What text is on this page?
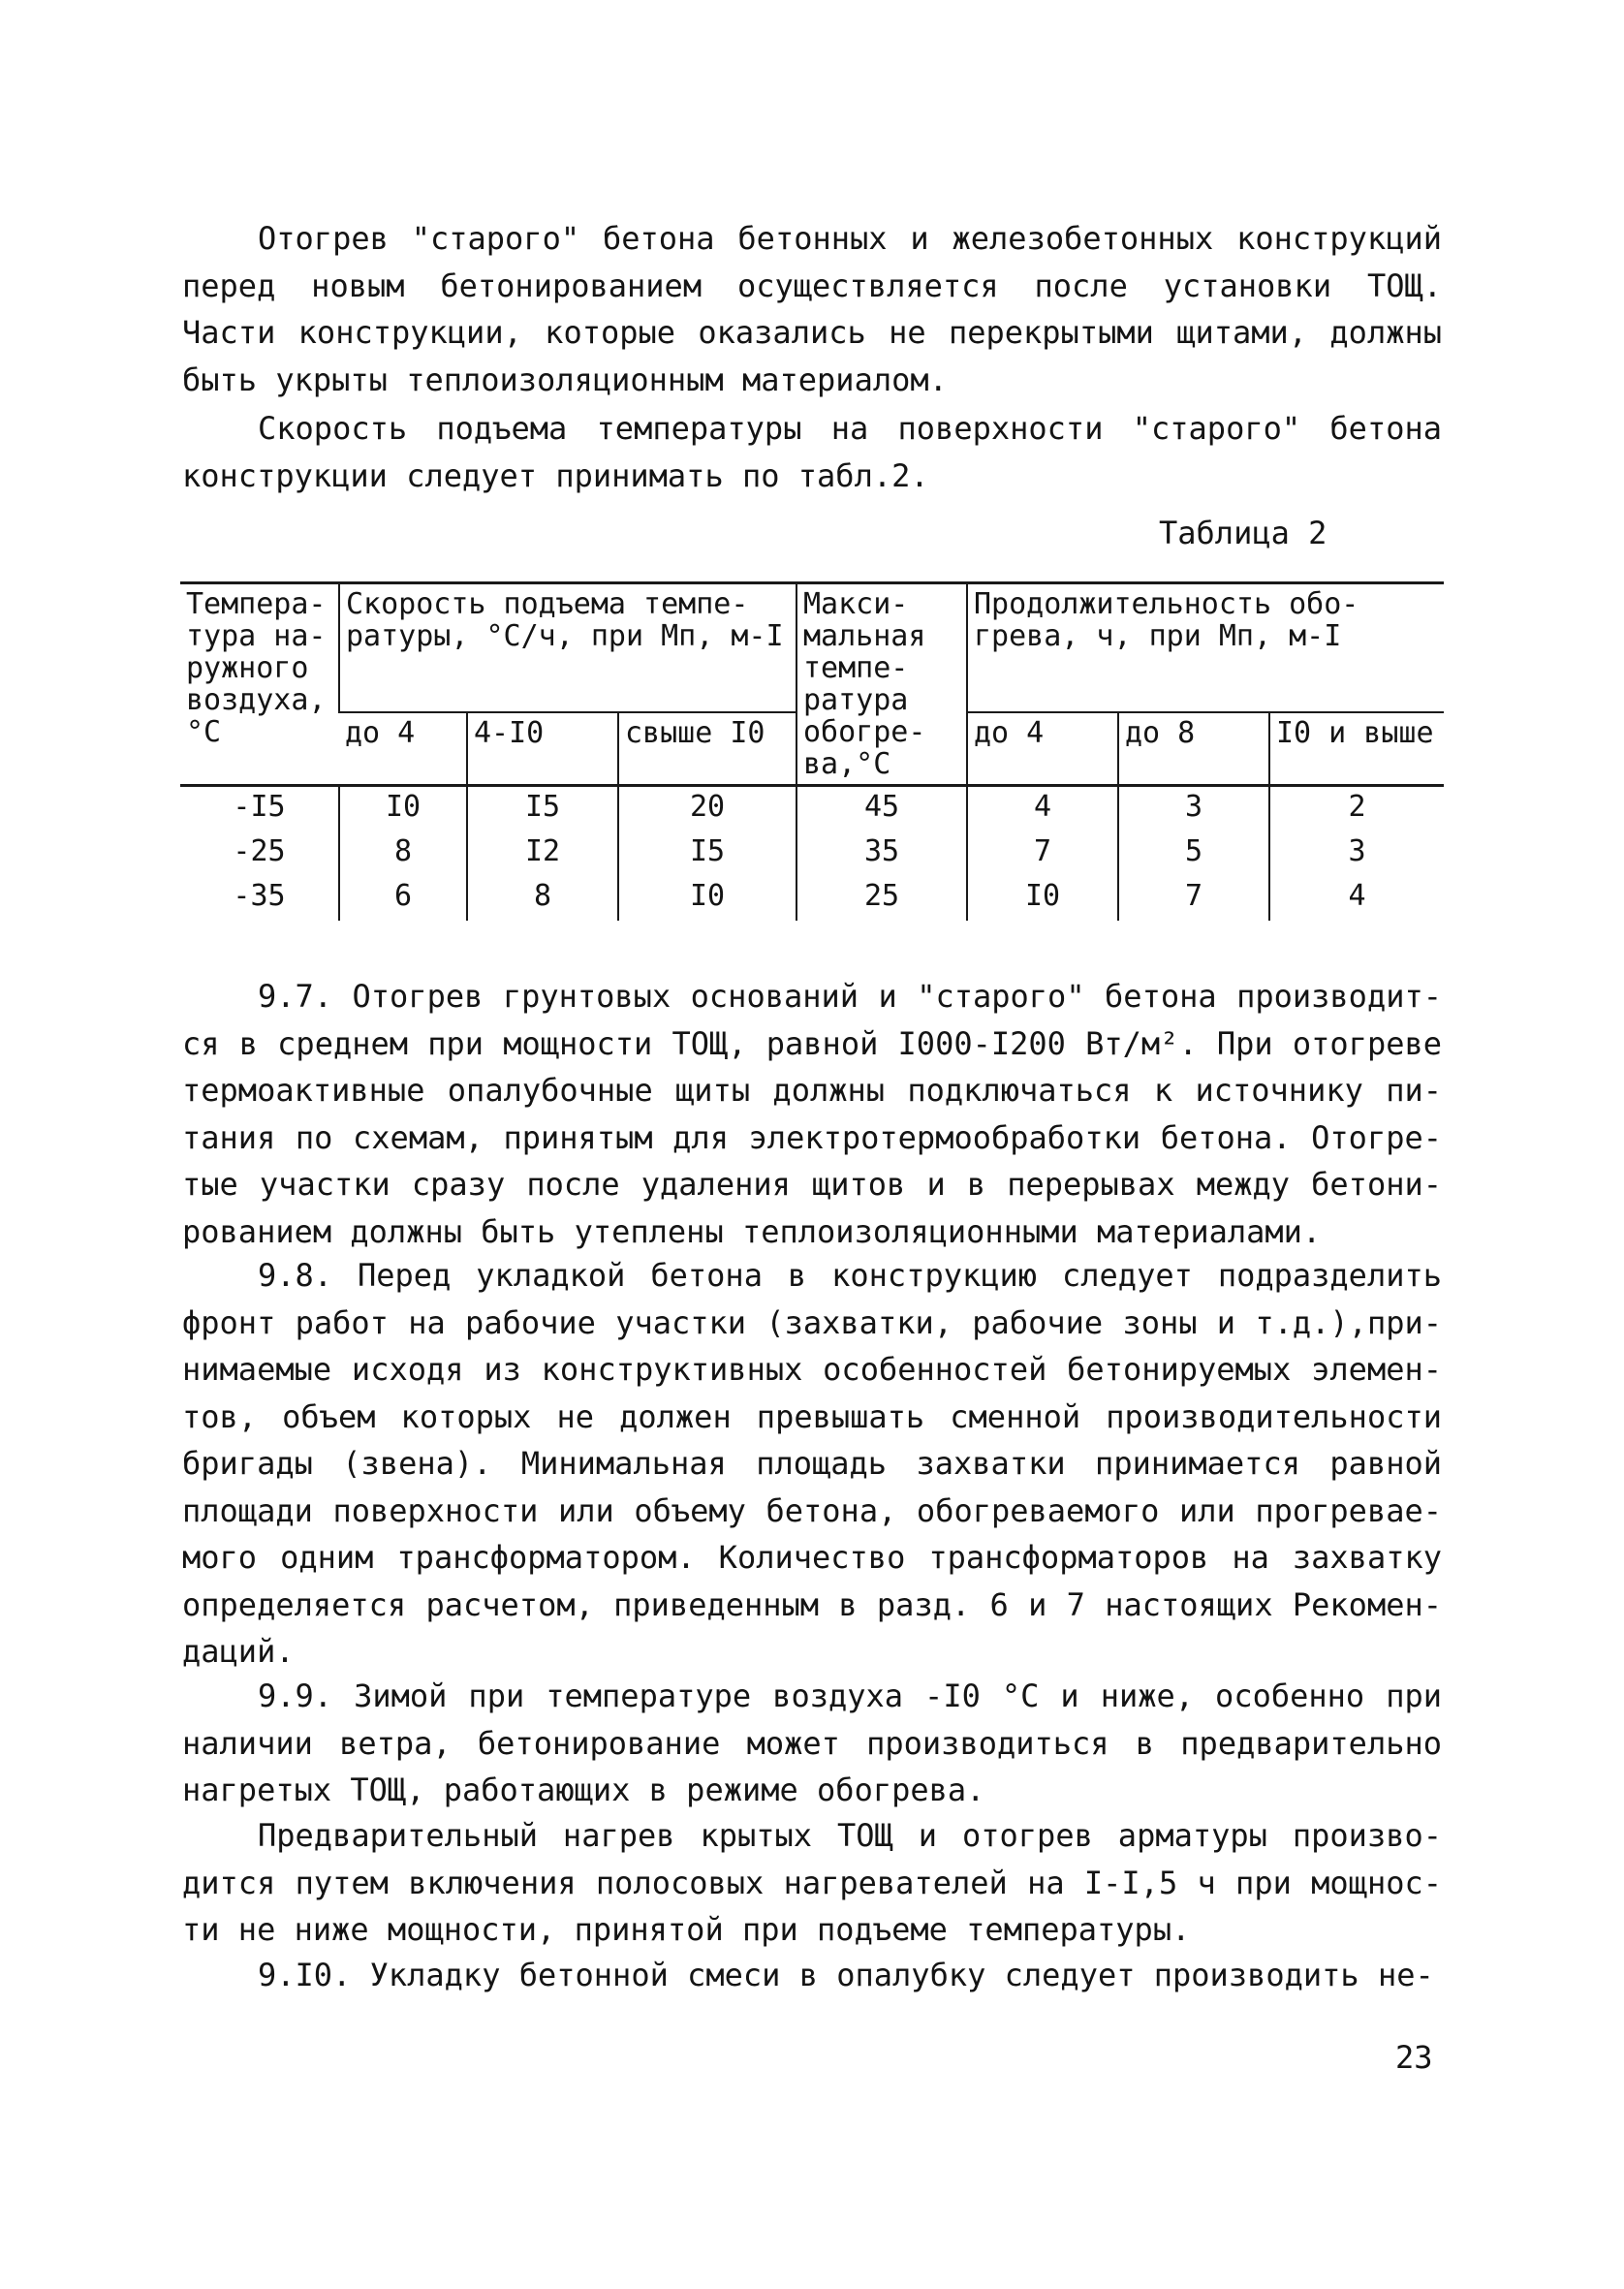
Отогрев "старого" бетона бетонных и железобетонных конструкций перед новым бетонированием осуществляется после установки ТОЩ. Части конструкции, которые оказались не перекрытыми щитами, должны быть укрыты теплоизоляционным материалом.

Скорость подъема температуры на поверхности "старого" бетона конструкции следует принимать по табл.2.

Таблица 2
Темпера-тура на-ружного воздуха, °С	Скорость подъема темпе-ратуры, °С/ч, при Мп, м-I			Макси-мальная темпе-ратура обогре-ва,°С	Продолжительность обо-грева, ч, при Мп, м-I		
	до 4	4-I0	свыше I0		до 4	до 8	I0 и выше
-I5	I0	I5	20	45	4	3	2
-25	8	I2	I5	35	7	5	3
-35	6	8	I0	25	I0	7	4

9.7. Отогрев грунтовых оснований и "старого" бетона производит-ся в среднем при мощности ТОЩ, равной I000-I200 Вт/м². При отогреве термоактивные опалубочные щиты должны подключаться к источнику пи-тания по схемам, принятым для электротермообработки бетона. Отогре-тые участки сразу после удаления щитов и в перерывах между бетони-рованием должны быть утеплены теплоизоляционными материалами.

9.8. Перед укладкой бетона в конструкцию следует подразделить фронт работ на рабочие участки (захватки, рабочие зоны и т.д.),при-нимаемые исходя из конструктивных особенностей бетонируемых элемен-тов, объем которых не должен превышать сменной производительности бригады (звена). Минимальная площадь захватки принимается равной площади поверхности или объему бетона, обогреваемого или прогревае-мого одним трансформатором. Количество трансформаторов на захватку определяется расчетом, приведенным в разд. 6 и 7 настоящих Рекомен-даций.

9.9. Зимой при температуре воздуха -I0 °С и ниже, особенно при наличии ветра, бетонирование может производиться в предварительно нагретых ТОЩ, работающих в режиме обогрева.

Предварительный нагрев крытых ТОЩ и отогрев арматуры произво-дится путем включения полосовых нагревателей на I-I,5 ч при мощнос-ти не ниже мощности, принятой при подъеме температуры.

9.I0. Укладку бетонной смеси в опалубку следует производить не-

23
